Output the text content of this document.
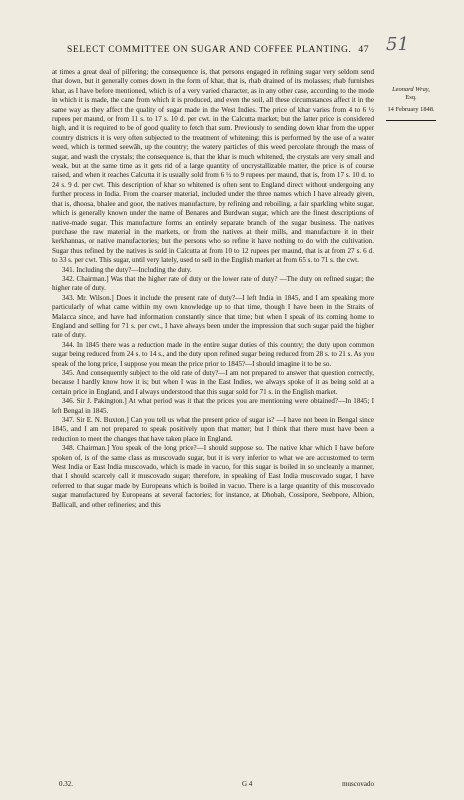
SELECT COMMITTEE ON SUGAR AND COFFEE PLANTING. 47 51
Leonard Wray,
Esq.
14 February 1848.

at times a great deal of pilfering; the consequence is, that persons engaged in refining sugar very seldom send that down, but it generally comes down in the form of khar, that is, rhab drained of its molasses; rhab furnishes khar, as I have before mentioned, which is of a very varied character, as in any other case, according to the mode in which it is made, the cane from which it is produced, and even the soil, all these circumstances affect it in the same way as they affect the quality of sugar made in the West Indies. The price of khar varies from 4 to 6 ½ rupees per maund, or from 11 s. to 17 s. 10 d. per cwt. in the Calcutta market; but the latter price is considered high, and it is required to be of good quality to fetch that sum. Previously to sending down khar from the upper country districts it is very often subjected to the treatment of whitening; this is performed by the use of a water weed, which is termed seewāh, up the country; the watery particles of this weed percolate through the mass of sugar, and wash the crystals; the consequence is, that the khar is much whitened, the crystals are very small and weak, but at the same time as it gets rid of a large quantity of uncrystallizable matter, the price is of course raised, and when it reaches Calcutta it is usually sold from 6 ½ to 9 rupees per maund, that is, from 17 s. 10 d. to 24 s. 9 d. per cwt. This description of khar so whitened is often sent to England direct without undergoing any further process in India. From the coarser material, included under the three names which I have already given, that is, dhoosa, bhalee and goor, the natives manufacture, by refining and reboiling, a fair sparkling white sugar, which is generally known under the name of Benares and Burdwan sugar, which are the finest descriptions of native-made sugar. This manufacture forms an entirely separate branch of the sugar business. The natives purchase the raw material in the markets, or from the natives at their mills, and manufacture it in their kerkhannas, or native manufactories; but the persons who so refine it have nothing to do with the cultivation. Sugar thus refined by the natives is sold in Calcutta at from 10 to 12 rupees per maund, that is at from 27 s. 6 d. to 33 s. per cwt. This sugar, until very lately, used to sell in the English market at from 65 s. to 71 s. the cwt.

341. Including the duty?—Including the duty.

342. Chairman.] Was that the higher rate of duty or the lower rate of duty? —The duty on refined sugar; the higher rate of duty.

343. Mr. Wilson.] Does it include the present rate of duty?—I left India in 1845, and I am speaking more particularly of what came within my own knowledge up to that time, though I have been in the Straits of Malacca since, and have had information constantly since that time; but when I speak of its coming home to England and selling for 71 s. per cwt., I have always been under the impression that such sugar paid the higher rate of duty.

344. In 1845 there was a reduction made in the entire sugar duties of this country; the duty upon common sugar being reduced from 24 s. to 14 s., and the duty upon refined sugar being reduced from 28 s. to 21 s. As you speak of the long price, I suppose you mean the price prior to 1845?—I should imagine it to be so.

345. And consequently subject to the old rate of duty?—I am not prepared to answer that question correctly, because I hardly know how it is; but when I was in the East Indies, we always spoke of it as being sold at a certain price in England, and I always understood that this sugar sold for 71 s. in the English market.

346. Sir J. Pakington.] At what period was it that the prices you are mentioning were obtained?—In 1845; I left Bengal in 1845.

347. Sir E. N. Buxton.] Can you tell us what the present price of sugar is? —I have not been in Bengal since 1845, and I am not prepared to speak positively upon that matter; but I think that there must have been a reduction to meet the changes that have taken place in England.

348. Chairman.] You speak of the long price?—I should suppose so. The native khar which I have before spoken of, is of the same class as muscovado sugar, but it is very inferior to what we are accustomed to term West India or East India muscovado, which is made in vacuo, for this sugar is boiled in so uncleanly a manner, that I should scarcely call it muscovado sugar; therefore, in speaking of East India muscovado sugar, I have referred to that sugar made by Europeans which is boiled in vacuo. There is a large quantity of this muscovado sugar manufactured by Europeans at several factories; for instance, at Dhobah, Cossipore, Seebpore, Albion, Ballicall, and other refineries; and this

0.32.	G 4	muscovado
